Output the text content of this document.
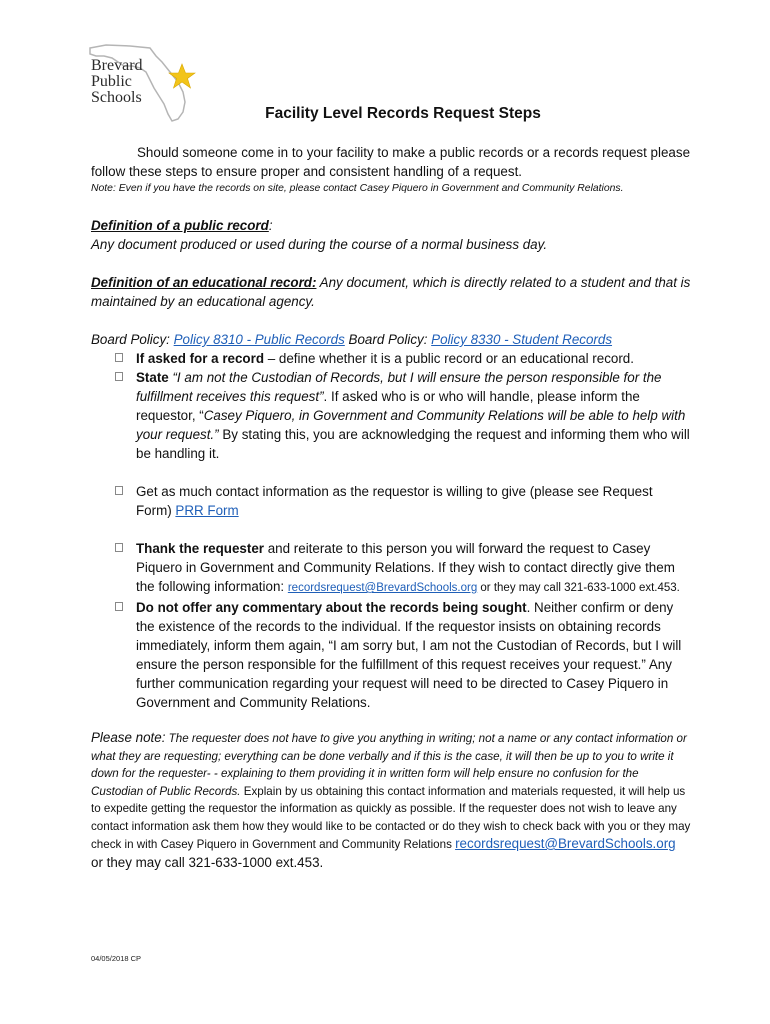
Brevard
Public
Schools
Facility Level Records Request Steps
Should someone come in to your facility to make a public records or a records request please follow these steps to ensure proper and consistent handling of a request.
Note: Even if you have the records on site, please contact Casey Piquero in Government and Community Relations.
Definition of a public record:
Any document produced or used during the course of a normal business day.
Definition of an educational record: Any document, which is directly related to a student and that is maintained by an educational agency.
Board Policy: Policy 8310 - Public Records Board Policy: Policy 8330 - Student Records
If asked for a record – define whether it is a public record or an educational record.
State “I am not the Custodian of Records, but I will ensure the person responsible for the fulfillment receives this request”. If asked who is or who will handle, please inform the requestor, “Casey Piquero, in Government and Community Relations will be able to help with your request.” By stating this, you are acknowledging the request and informing them who will be handling it.
Get as much contact information as the requestor is willing to give (please see Request Form) PRR Form
Thank the requester and reiterate to this person you will forward the request to Casey Piquero in Government and Community Relations. If they wish to contact directly give them the following information: recordsrequest@BrevardSchools.org or they may call 321-633-1000 ext.453.
Do not offer any commentary about the records being sought. Neither confirm or deny the existence of the records to the individual. If the requestor insists on obtaining records immediately, inform them again, “I am sorry but, I am not the Custodian of Records, but I will ensure the person responsible for the fulfillment of this request receives your request.” Any further communication regarding your request will need to be directed to Casey Piquero in Government and Community Relations.
Please note: The requester does not have to give you anything in writing; not a name or any contact information or what they are requesting; everything can be done verbally and if this is the case, it will then be up to you to write it down for the requester- - explaining to them providing it in written form will help ensure no confusion for the Custodian of Public Records. Explain by us obtaining this contact information and materials requested, it will help us to expedite getting the requestor the information as quickly as possible. If the requester does not wish to leave any contact information ask them how they would like to be contacted or do they wish to check back with you or they may check in with Casey Piquero in Government and Community Relations recordsrequest@BrevardSchools.org or they may call 321-633-1000 ext.453.
04/05/2018 CP
